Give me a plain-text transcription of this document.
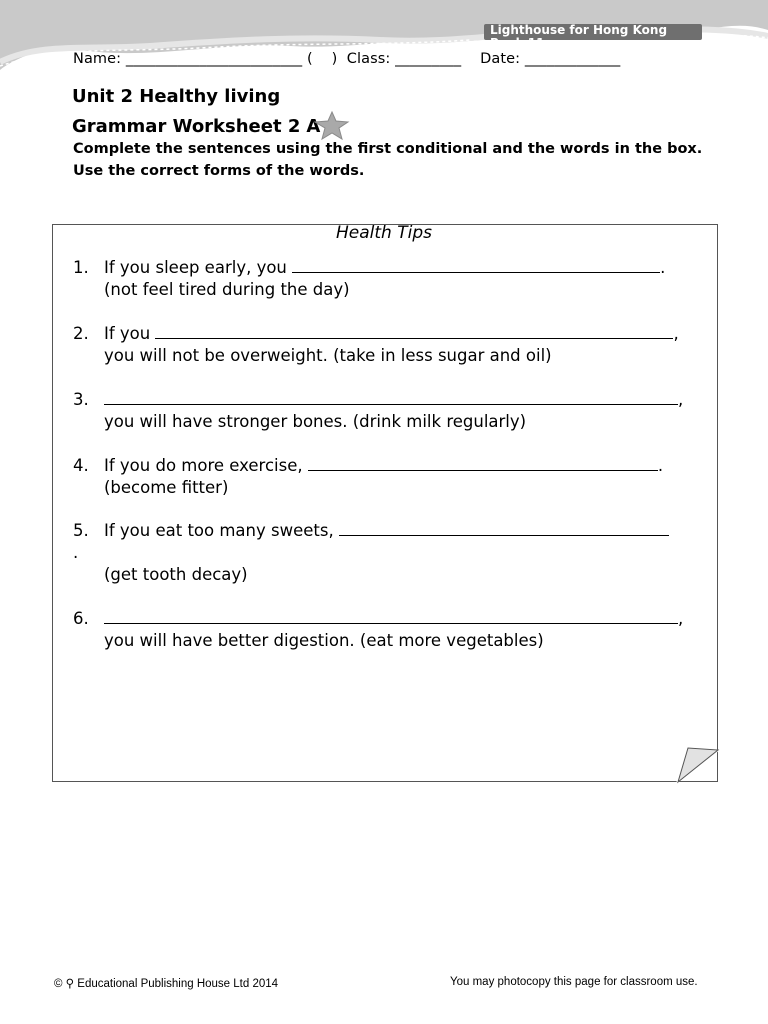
Lighthouse for Hong Kong Book 11
Name: ________________________ (    )  Class: _________    Date: _____________
Unit 2 Healthy living
Grammar Worksheet 2 A
Complete the sentences using the first conditional and the words in the box. Use the correct forms of the words.
Health Tips
1. If you sleep early, you	.
(not feel tired during the day)
2. If you	,
you will not be overweight. (take in less sugar and oil)
3.	,
you will have stronger bones. (drink milk regularly)
4. If you do more exercise,	.
(become fitter)
5. If you eat too many sweets,
.
(get tooth decay)
6.	,
you will have better digestion. (eat more vegetables)
© ⚲ Educational Publishing House Ltd 2014	You may photocopy this page for classroom use.
